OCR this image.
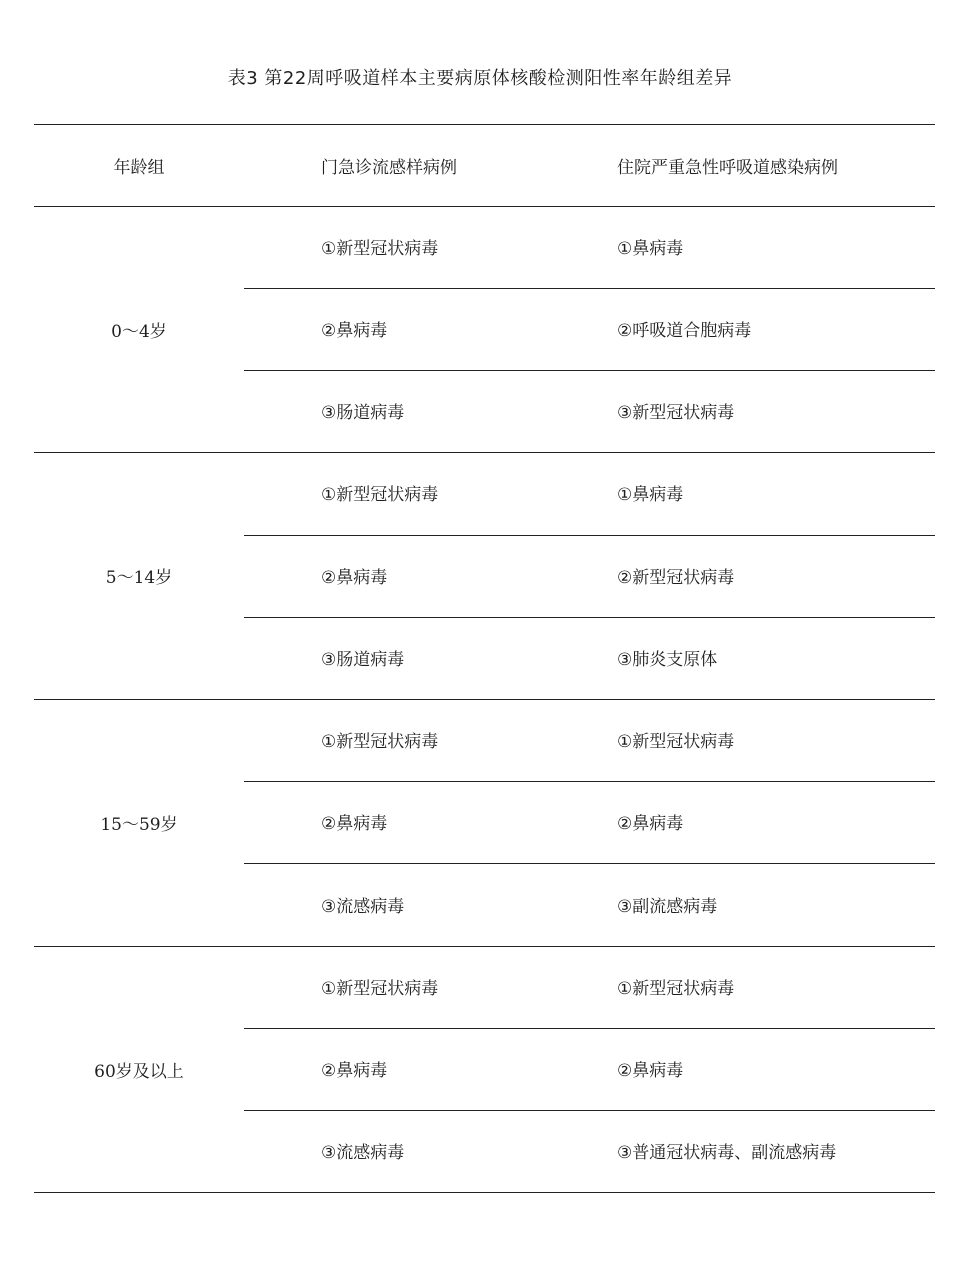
表3 第22周呼吸道样本主要病原体核酸检测阳性率年龄组差异
年龄组	门急诊流感样病例	住院严重急性呼吸道感染病例
0～4岁
①新型冠状病毒	①鼻病毒
②鼻病毒	②呼吸道合胞病毒
③肠道病毒	③新型冠状病毒
5～14岁
①新型冠状病毒	①鼻病毒
②鼻病毒	②新型冠状病毒
③肠道病毒	③肺炎支原体
15～59岁
①新型冠状病毒	①新型冠状病毒
②鼻病毒	②鼻病毒
③流感病毒	③副流感病毒
60岁及以上
①新型冠状病毒	①新型冠状病毒
②鼻病毒	②鼻病毒
③流感病毒	③普通冠状病毒、副流感病毒
